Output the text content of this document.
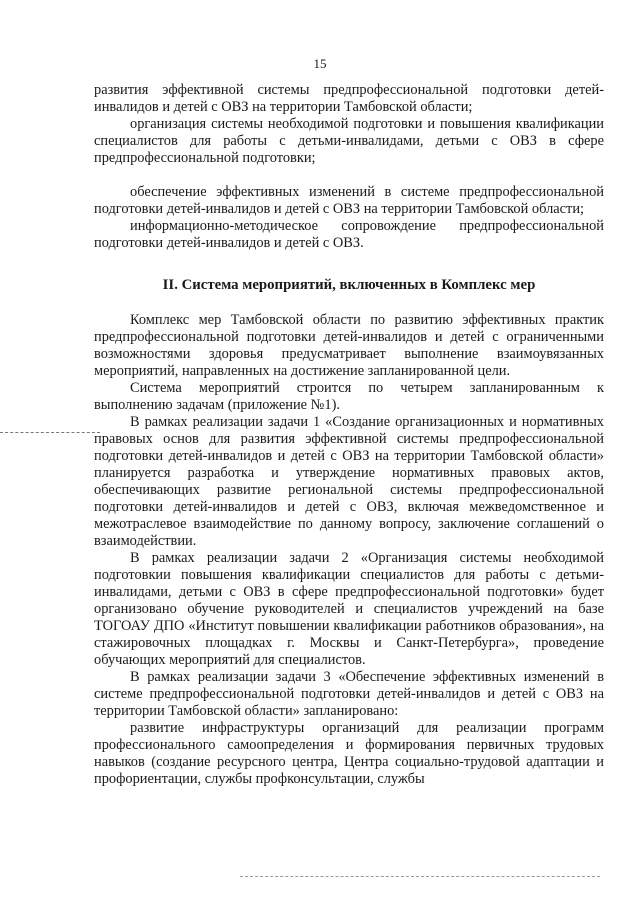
15

развития эффективной системы предпрофессиональной подготовки детей-инвалидов и детей с ОВЗ на территории Тамбовской области;

организация системы необходимой подготовки и повышения квалификации специалистов для работы с детьми-инвалидами, детьми с ОВЗ в сфере предпрофессиональной подготовки;

обеспечение эффективных изменений в системе предпрофессиональной подготовки детей-инвалидов и детей с ОВЗ на территории Тамбовской области;

информационно-методическое сопровождение предпрофессиональной подготовки детей-инвалидов и детей с ОВЗ.

II. Система мероприятий, включенных в Комплекс мер

Комплекс мер Тамбовской области по развитию эффективных практик предпрофессиональной подготовки детей-инвалидов и детей с ограниченными возможностями здоровья предусматривает выполнение взаимоувязанных мероприятий, направленных на достижение запланированной цели.

Система мероприятий строится по четырем запланированным к выполнению задачам (приложение №1).

В рамках реализации задачи 1 «Создание организационных и нормативных правовых основ для развития эффективной системы предпрофессиональной подготовки детей-инвалидов и детей с ОВЗ на территории Тамбовской области» планируется разработка и утверждение нормативных правовых актов, обеспечивающих развитие региональной системы предпрофессиональной подготовки детей-инвалидов и детей с ОВЗ, включая межведомственное и межотраслевое взаимодействие по данному вопросу, заключение соглашений о взаимодействии.

В рамках реализации задачи 2 «Организация системы необходимой подготовкии повышения квалификации специалистов для работы с детьми-инвалидами, детьми с ОВЗ в сфере предпрофессиональной подготовки» будет организовано обучение руководителей и специалистов учреждений на базе ТОГОАУ ДПО «Институт повышении квалификации работников образования», на стажировочных площадках г. Москвы и Санкт-Петербурга», проведение обучающих мероприятий для специалистов.

В рамках реализации задачи 3 «Обеспечение эффективных изменений в системе предпрофессиональной подготовки детей-инвалидов и детей с ОВЗ на территории Тамбовской области» запланировано:

развитие инфраструктуры организаций для реализации программ профессионального самоопределения и формирования первичных трудовых навыков (создание ресурсного центра, Центра социально-трудовой адаптации и профориентации, службы профконсультации, службы
